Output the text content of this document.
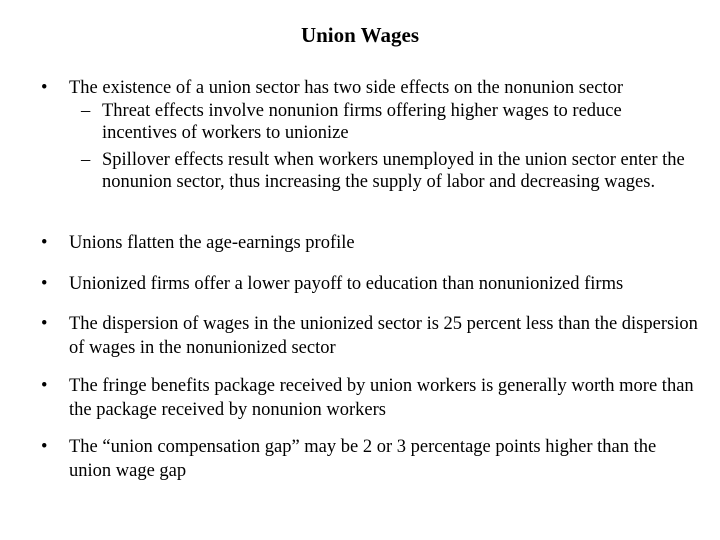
Union Wages
•	The existence of a union sector has two side effects on the nonunion sector
– Threat effects involve nonunion firms offering higher wages to reduce incentives of workers to unionize
– Spillover effects result when workers unemployed in the union sector enter the nonunion sector, thus increasing the supply of labor and decreasing wages.
•	Unions flatten the age-earnings profile
•	Unionized firms offer a lower payoff to education than nonunionized firms
•	The dispersion of wages in the unionized sector is 25 percent less than the dispersion of wages in the nonunionized sector
•	The fringe benefits package received by union workers is generally worth more than the package received by nonunion workers
•	The “union compensation gap” may be 2 or 3 percentage points higher than the union wage gap
